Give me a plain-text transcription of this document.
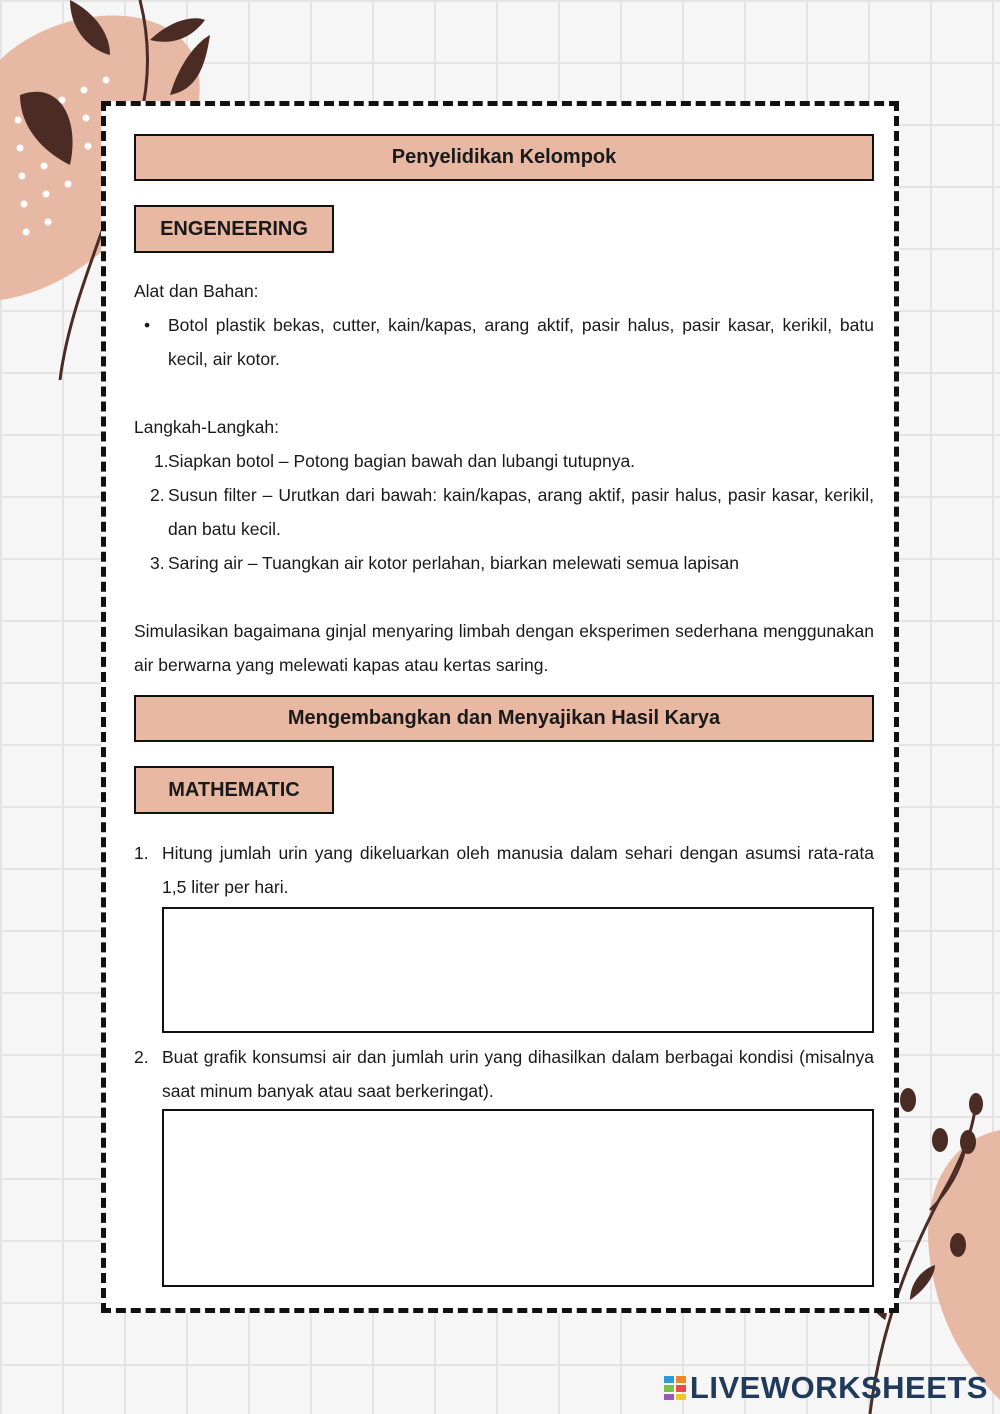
Penyelidikan Kelompok
ENGENEERING
Alat dan Bahan:
• Botol plastik bekas, cutter, kain/kapas, arang aktif, pasir halus, pasir kasar, kerikil, batu kecil, air kotor.
Langkah-Langkah:
1. Siapkan botol – Potong bagian bawah dan lubangi tutupnya.
2. Susun filter – Urutkan dari bawah: kain/kapas, arang aktif, pasir halus, pasir kasar, kerikil, dan batu kecil.
3. Saring air – Tuangkan air kotor perlahan, biarkan melewati semua lapisan
Simulasikan bagaimana ginjal menyaring limbah dengan eksperimen sederhana menggunakan air berwarna yang melewati kapas atau kertas saring.
Mengembangkan dan Menyajikan Hasil Karya
MATHEMATIC
1. Hitung jumlah urin yang dikeluarkan oleh manusia dalam sehari dengan asumsi rata-rata 1,5 liter per hari.
2. Buat grafik konsumsi air dan jumlah urin yang dihasilkan dalam berbagai kondisi (misalnya saat minum banyak atau saat berkeringat).
LIVEWORKSHEETS
